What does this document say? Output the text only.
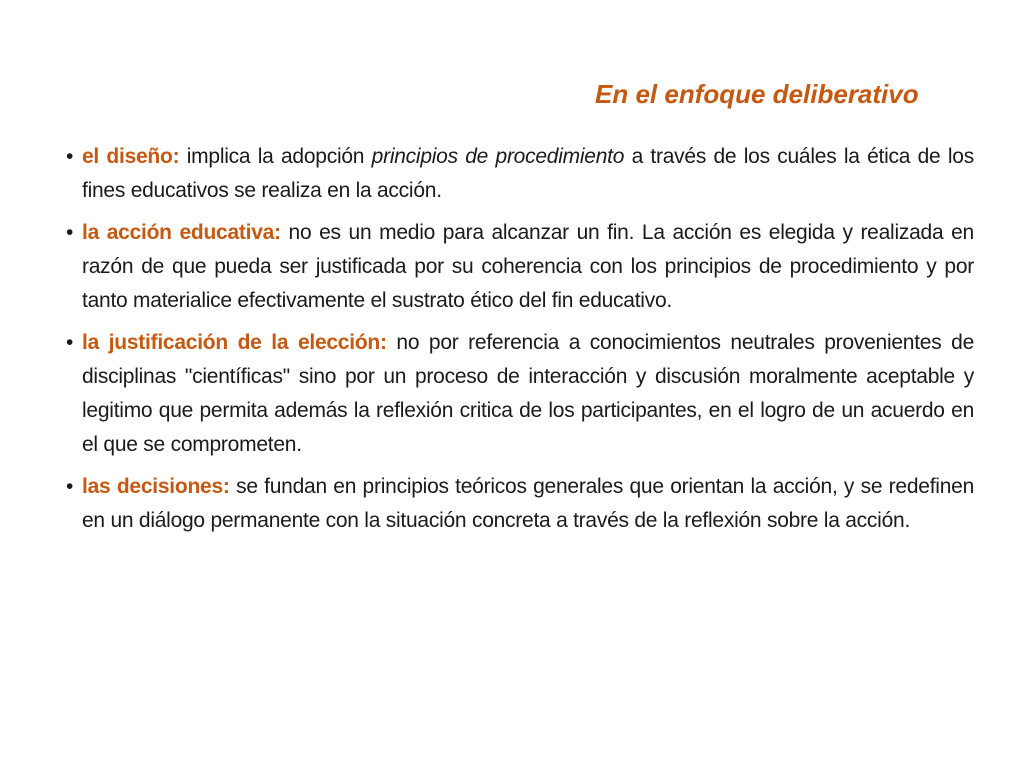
En el enfoque deliberativo
• el diseño: implica la adopción principios de procedimiento a través de los cuáles la ética de los fines educativos se realiza en la acción.
• la acción educativa: no es un medio para alcanzar un fin. La acción es elegida y realizada en razón de que pueda ser justificada por su coherencia con los principios de procedimiento y por tanto materialice efectivamente el sustrato ético del fin educativo.
• la justificación de la elección: no por referencia a conocimientos neutrales provenientes de disciplinas "científicas" sino por un proceso de interacción y discusión moralmente aceptable y legitimo que permita además la reflexión critica de los participantes, en el logro de un acuerdo en el que se comprometen.
• las decisiones: se fundan en principios teóricos generales que orientan la acción, y se redefinen en un diálogo permanente con la situación concreta a través de la reflexión sobre la acción.
